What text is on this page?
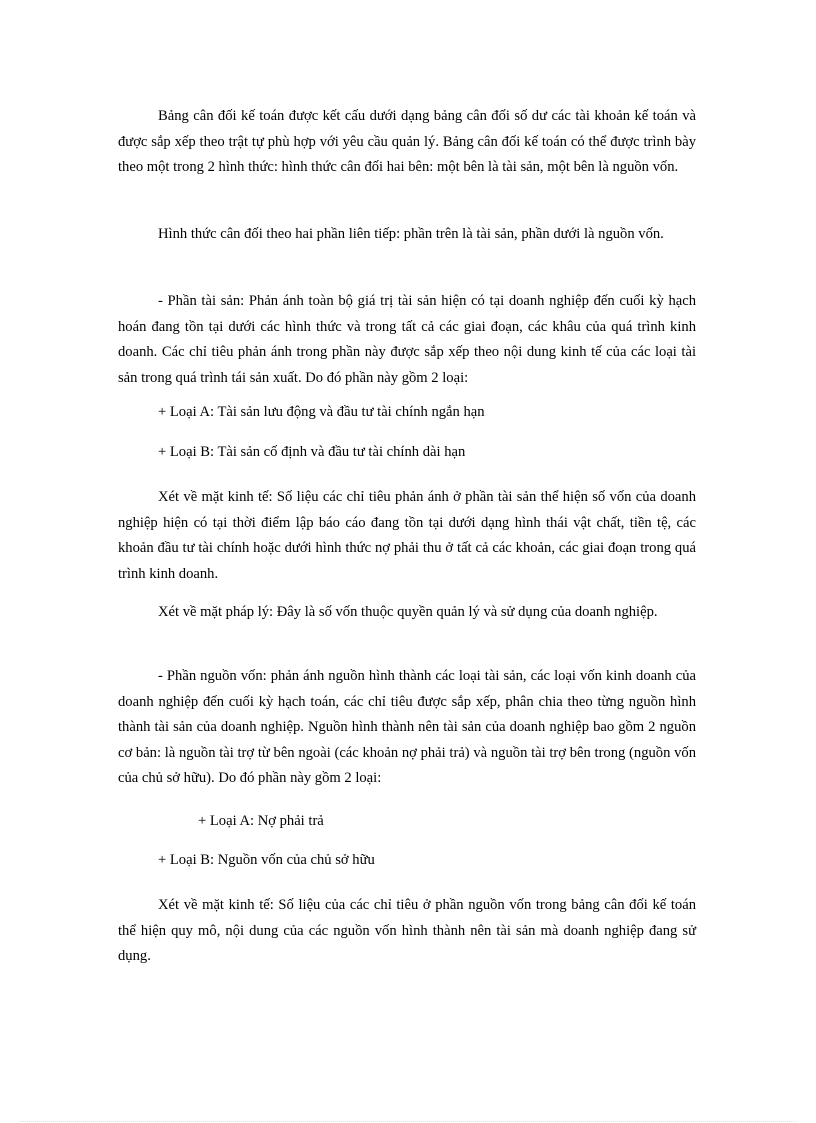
Bảng cân đối kế toán được kết cấu dưới dạng bảng cân đối số dư các tài khoản kế toán và được sắp xếp theo trật tự phù hợp với yêu cầu quản lý. Bảng cân đối kế toán có thể được trình bày theo một trong 2 hình thức: hình thức cân đối hai bên: một bên là tài sản, một bên là nguồn vốn.

Hình thức cân đối theo hai phần liên tiếp: phần trên là tài sản, phần dưới là nguồn vốn.

- Phần tài sản: Phản ánh toàn bộ giá trị tài sản hiện có tại doanh nghiệp đến cuối kỳ hạch hoán đang tồn tại dưới các hình thức và trong tất cả các giai đoạn, các khâu của quá trình kinh doanh. Các chỉ tiêu phản ánh trong phần này được sắp xếp theo nội dung kinh tế của các loại tài sản trong quá trình tái sản xuất. Do đó phần này gồm 2 loại:

+ Loại A: Tài sản lưu động và đầu tư tài chính ngắn hạn

+ Loại B: Tài sản cố định và đầu tư tài chính dài hạn

Xét về mặt kinh tế: Số liệu các chỉ tiêu phản ánh ở phần tài sản thể hiện số vốn của doanh nghiệp hiện có tại thời điểm lập báo cáo đang tồn tại dưới dạng hình thái vật chất, tiền tệ, các khoản đầu tư tài chính hoặc dưới hình thức nợ phải thu ở tất cả các khoản, các giai đoạn trong quá trình kinh doanh.

Xét về mặt pháp lý: Đây là số vốn thuộc quyền quản lý và sử dụng của doanh nghiệp.

- Phần nguồn vốn: phản ánh nguồn hình thành các loại tài sản, các loại vốn kinh doanh của doanh nghiệp đến cuối kỳ hạch toán, các chỉ tiêu được sắp xếp, phân chia theo từng nguồn hình thành tài sản của doanh nghiệp. Nguồn hình thành nên tài sản của doanh nghiệp bao gồm 2 nguồn cơ bản: là nguồn tài trợ từ bên ngoài (các khoản nợ phải trả) và nguồn tài trợ bên trong (nguồn vốn của chủ sở hữu). Do đó phần này gồm 2 loại:

+ Loại A: Nợ phải trả

+ Loại B: Nguồn vốn của chủ sở hữu

Xét về mặt kinh tế: Số liệu của các chỉ tiêu ở phần nguồn vốn trong bảng cân đối kế toán thể hiện quy mô, nội dung của các nguồn vốn hình thành nên tài sản mà doanh nghiệp đang sử dụng.
